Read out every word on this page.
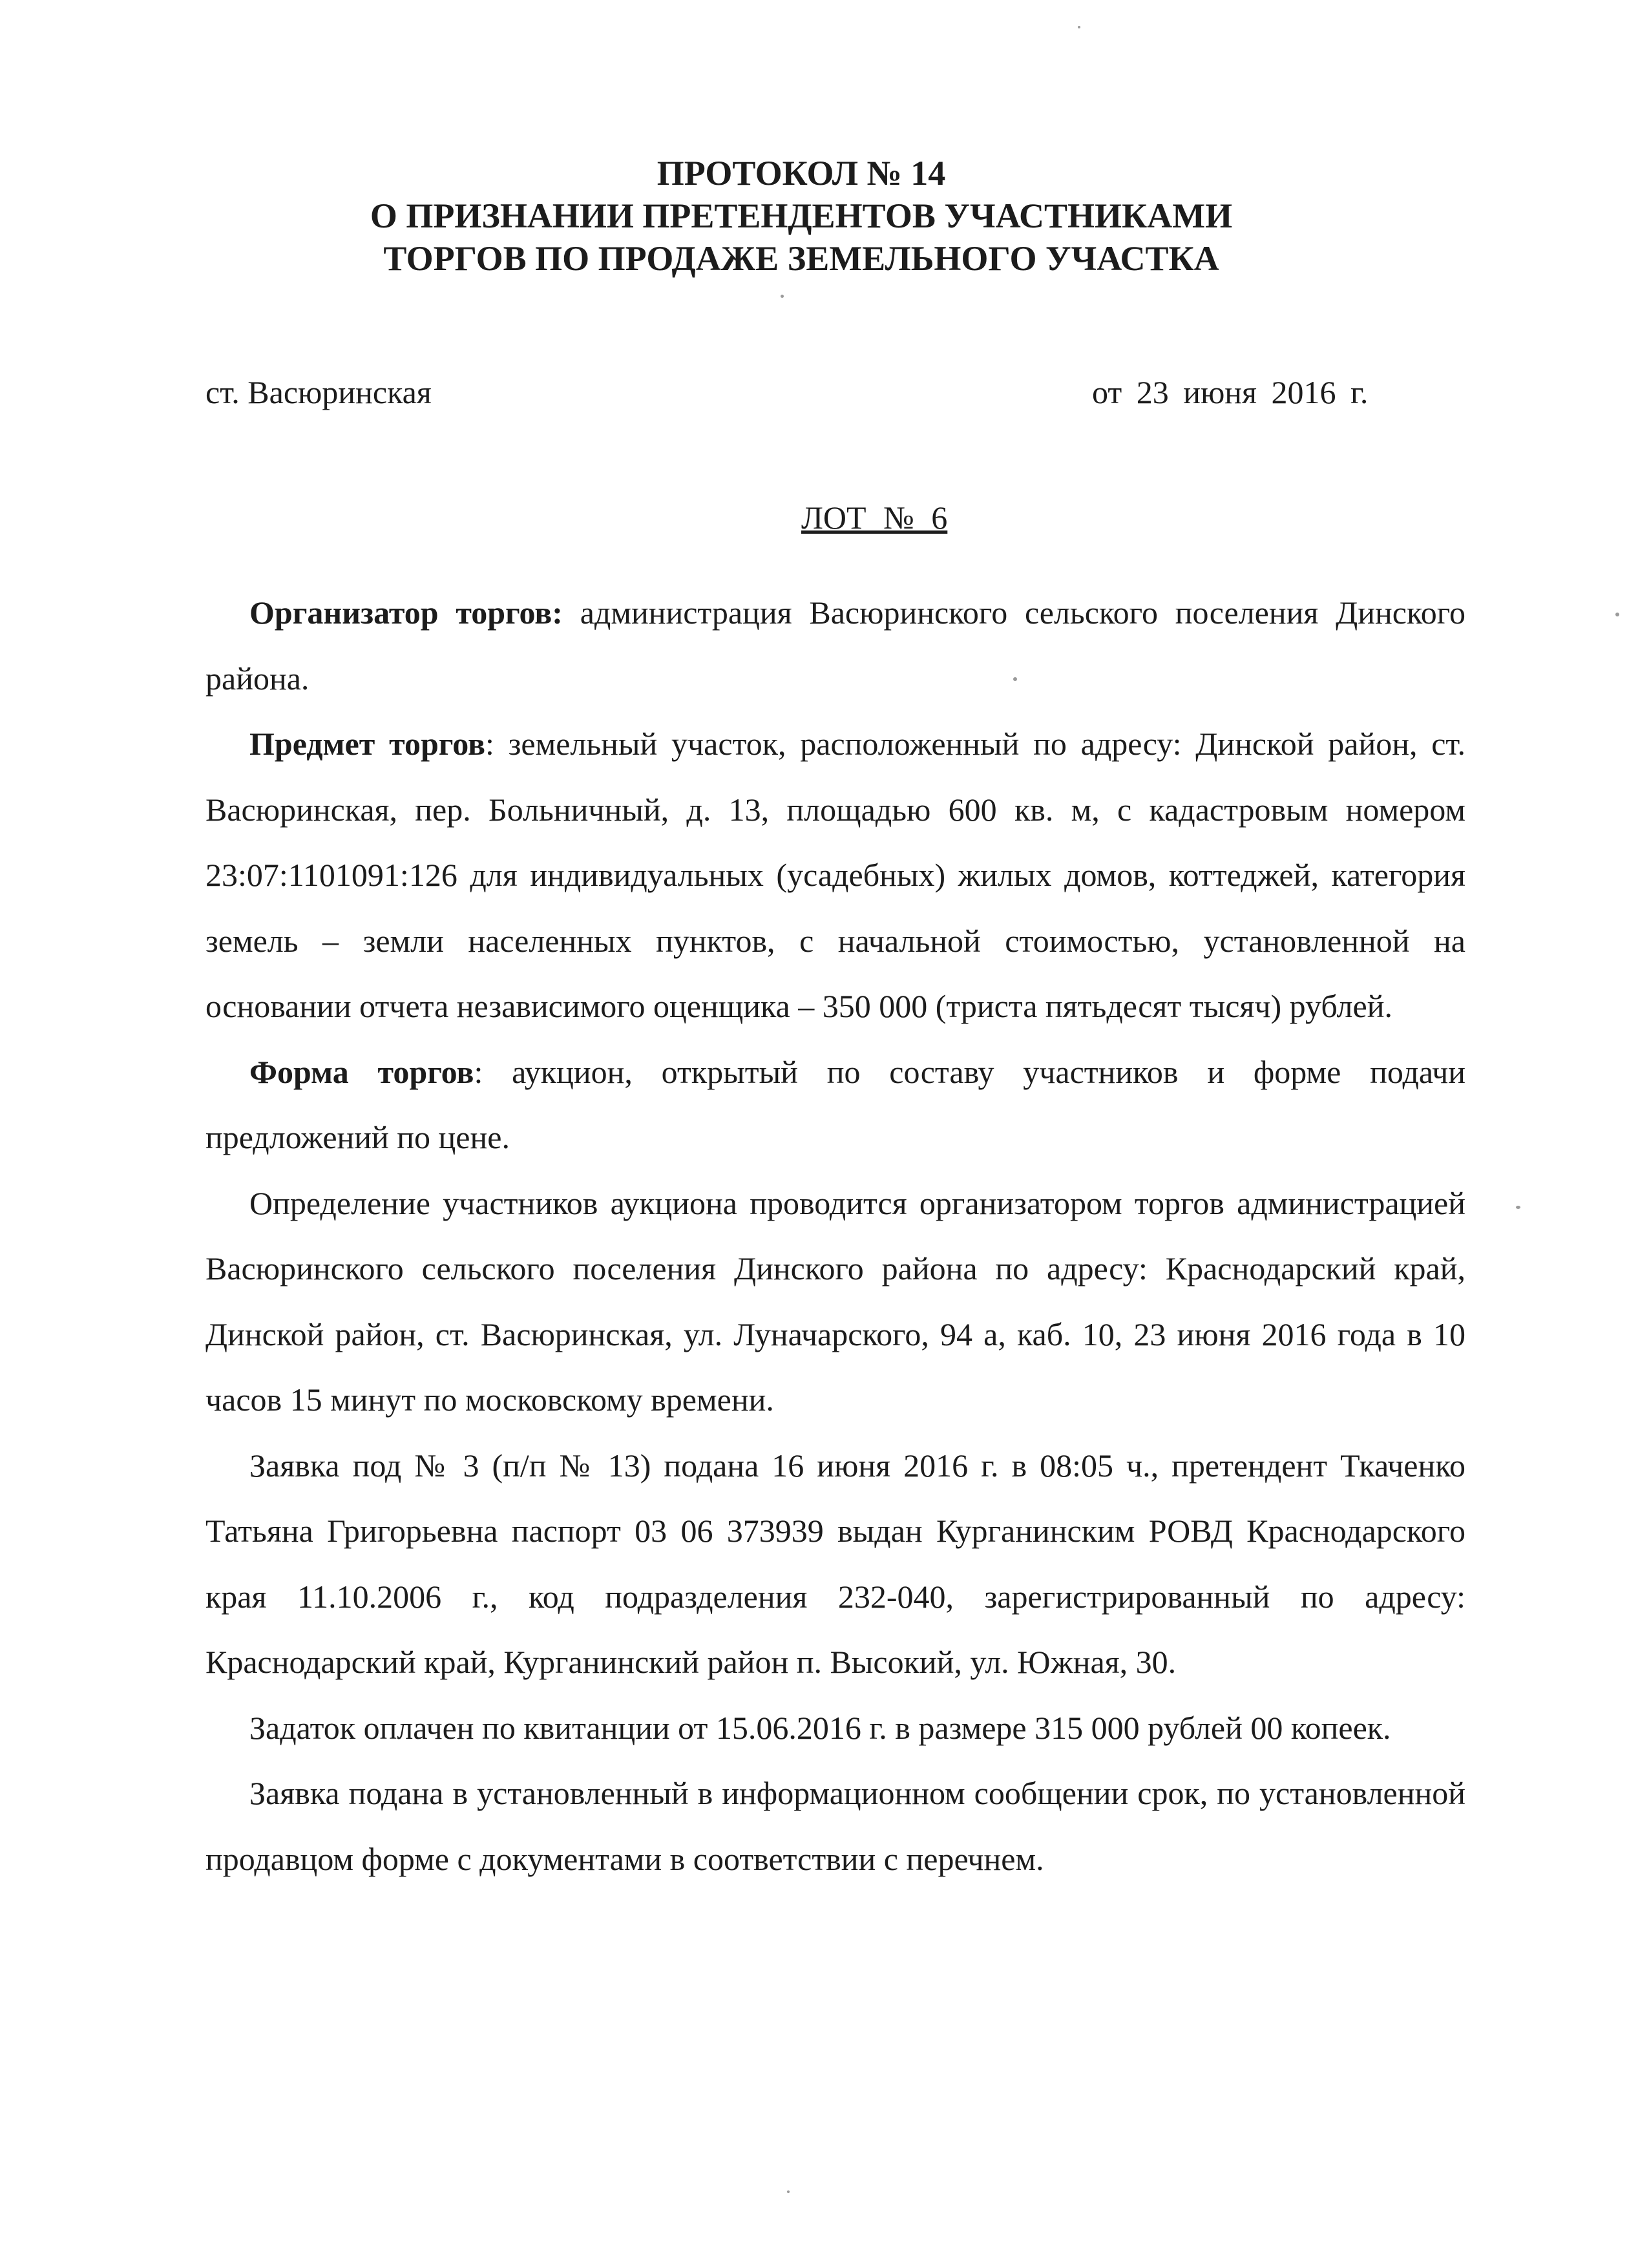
ПРОТОКОЛ № 14
О ПРИЗНАНИИ ПРЕТЕНДЕНТОВ УЧАСТНИКАМИ
ТОРГОВ ПО ПРОДАЖЕ ЗЕМЕЛЬНОГО УЧАСТКА
ст. Васюринская	от 23 июня 2016 г.
ЛОТ № 6

Организатор торгов: администрация Васюринского сельского поселения Динского района.

Предмет торгов: земельный участок, расположенный по адресу: Динской район, ст. Васюринская, пер. Больничный, д. 13, площадью 600 кв. м, с кадастровым номером 23:07:1101091:126 для индивидуальных (усадебных) жилых домов, коттеджей, категория земель – земли населенных пунктов, с начальной стоимостью, установленной на основании отчета независимого оценщика – 350 000 (триста пятьдесят тысяч) рублей.

Форма торгов: аукцион, открытый по составу участников и форме подачи предложений по цене.

Определение участников аукциона проводится организатором торгов администрацией Васюринского сельского поселения Динского района по адресу: Краснодарский край, Динской район, ст. Васюринская, ул. Луначарского, 94 а, каб. 10, 23 июня 2016 года в 10 часов 15 минут по московскому времени.

Заявка под № 3 (п/п № 13) подана 16 июня 2016 г. в 08:05 ч., претендент Ткаченко Татьяна Григорьевна паспорт 03 06 373939 выдан Курганинским РОВД Краснодарского края 11.10.2006 г., код подразделения 232-040, зарегистрированный по адресу: Краснодарский край, Курганинский район п. Высокий, ул. Южная, 30.

Задаток оплачен по квитанции от 15.06.2016 г. в размере 315 000 рублей 00 копеек.

Заявка подана в установленный в информационном сообщении срок, по установленной продавцом форме с документами в соответствии с перечнем.
